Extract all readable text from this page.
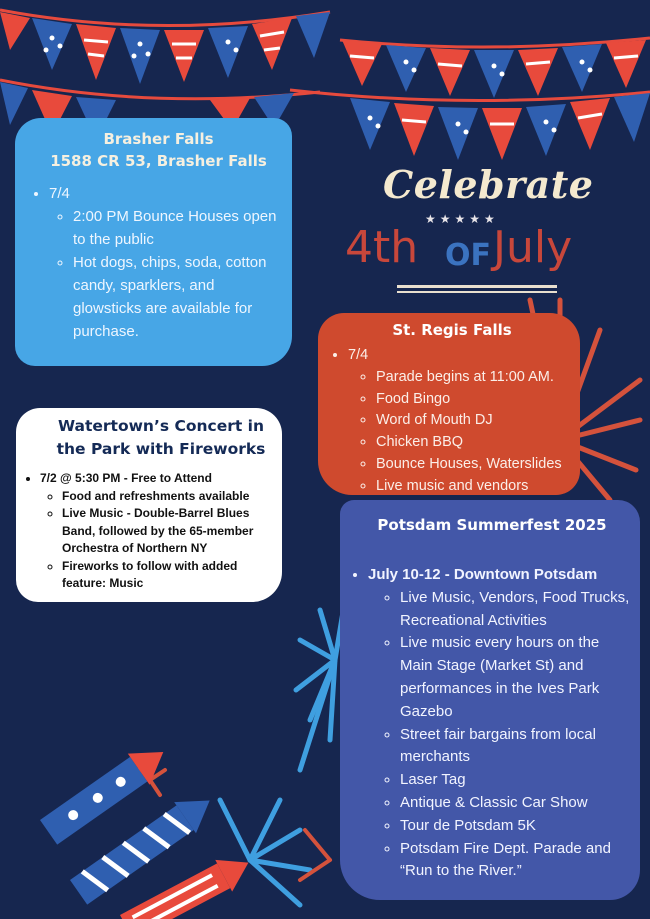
Celebrate
★★★★★
4th OF July
Brasher Falls
1588 CR 53, Brasher Falls
• 7/4
◦ 2:00 PM Bounce Houses open to the public
◦ Hot dogs, chips, soda, cotton candy, sparklers, and glowsticks are available for purchase.	St. Regis Falls
• 7/4
◦ Parade begins at 11:00 AM.
◦ Food Bingo
◦ Word of Mouth DJ
◦ Chicken BBQ
◦ Bounce Houses, Waterslides
◦ Live music and vendors
Watertown’s Concert in the Park with Fireworks
• 7/2 @ 5:30 PM - Free to Attend
◦ Food and refreshments available
◦ Live Music - Double-Barrel Blues Band, followed by the 65-member Orchestra of Northern NY
◦ Fireworks to follow with added feature: Music
Potsdam Summerfest 2025
• July 10-12 - Downtown Potsdam
◦ Live Music, Vendors, Food Trucks, Recreational Activities
◦ Live music every hours on the Main Stage (Market St) and performances in the Ives Park Gazebo
◦ Street fair bargains from local merchants
◦ Laser Tag
◦ Antique & Classic Car Show
◦ Tour de Potsdam 5K
◦ Potsdam Fire Dept. Parade and “Run to the River.”
